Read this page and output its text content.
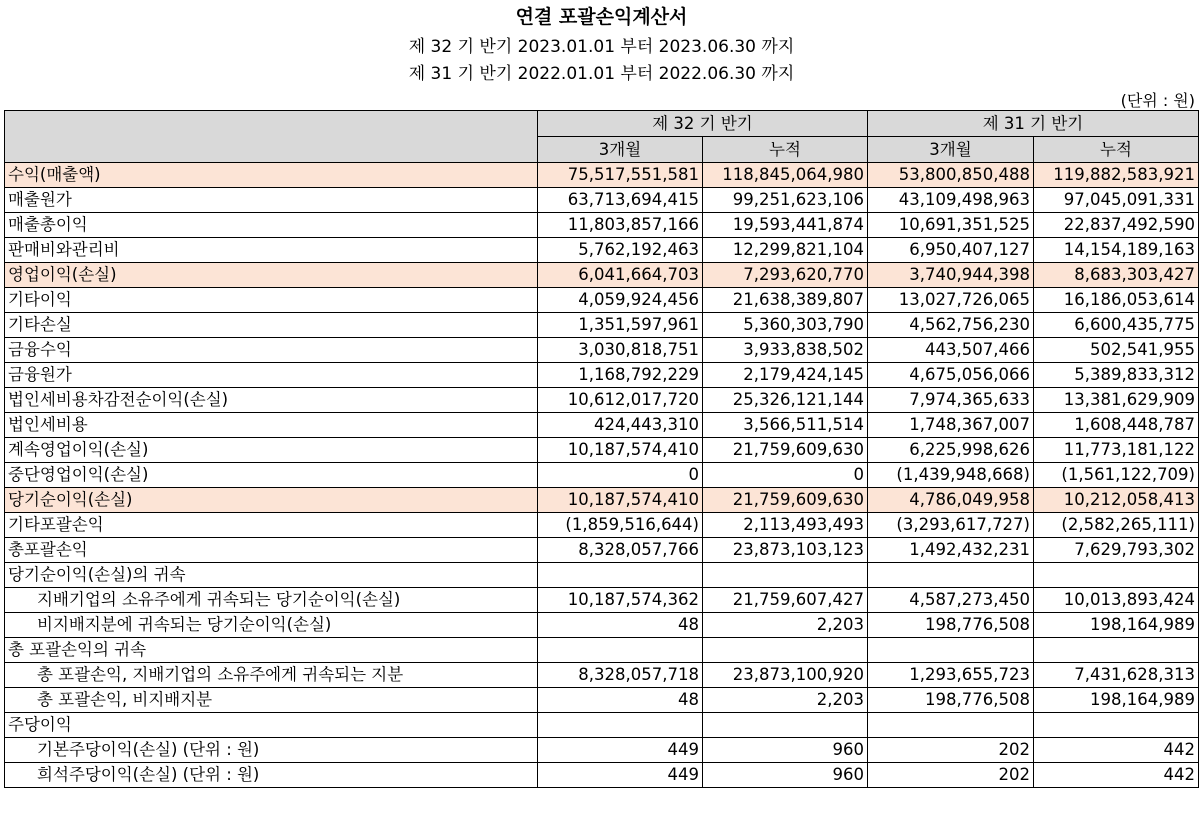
연결 포괄손익계산서
제 32 기 반기 2023.01.01 부터 2023.06.30 까지
제 31 기 반기 2022.01.01 부터 2022.06.30 까지
(단위 : 원)
	제 32 기 반기		제 31 기 반기	
	3개월	누적	3개월	누적
수익(매출액)	75,517,551,581	118,845,064,980	53,800,850,488	119,882,583,921
매출원가	63,713,694,415	99,251,623,106	43,109,498,963	97,045,091,331
매출총이익	11,803,857,166	19,593,441,874	10,691,351,525	22,837,492,590
판매비와관리비	5,762,192,463	12,299,821,104	6,950,407,127	14,154,189,163
영업이익(손실)	6,041,664,703	7,293,620,770	3,740,944,398	8,683,303,427
기타이익	4,059,924,456	21,638,389,807	13,027,726,065	16,186,053,614
기타손실	1,351,597,961	5,360,303,790	4,562,756,230	6,600,435,775
금융수익	3,030,818,751	3,933,838,502	443,507,466	502,541,955
금융원가	1,168,792,229	2,179,424,145	4,675,056,066	5,389,833,312
법인세비용차감전순이익(손실)	10,612,017,720	25,326,121,144	7,974,365,633	13,381,629,909
법인세비용	424,443,310	3,566,511,514	1,748,367,007	1,608,448,787
계속영업이익(손실)	10,187,574,410	21,759,609,630	6,225,998,626	11,773,181,122
중단영업이익(손실)	0	0	(1,439,948,668)	(1,561,122,709)
당기순이익(손실)	10,187,574,410	21,759,609,630	4,786,049,958	10,212,058,413
기타포괄손익	(1,859,516,644)	2,113,493,493	(3,293,617,727)	(2,582,265,111)
총포괄손익	8,328,057,766	23,873,103,123	1,492,432,231	7,629,793,302
당기순이익(손실)의 귀속				
지배기업의 소유주에게 귀속되는 당기순이익(손실)	10,187,574,362	21,759,607,427	4,587,273,450	10,013,893,424
비지배지분에 귀속되는 당기순이익(손실)	48	2,203	198,776,508	198,164,989
총 포괄손익의 귀속				
총 포괄손익, 지배기업의 소유주에게 귀속되는 지분	8,328,057,718	23,873,100,920	1,293,655,723	7,431,628,313
총 포괄손익, 비지배지분	48	2,203	198,776,508	198,164,989
주당이익				
기본주당이익(손실) (단위 : 원)	449	960	202	442
희석주당이익(손실) (단위 : 원)	449	960	202	442
